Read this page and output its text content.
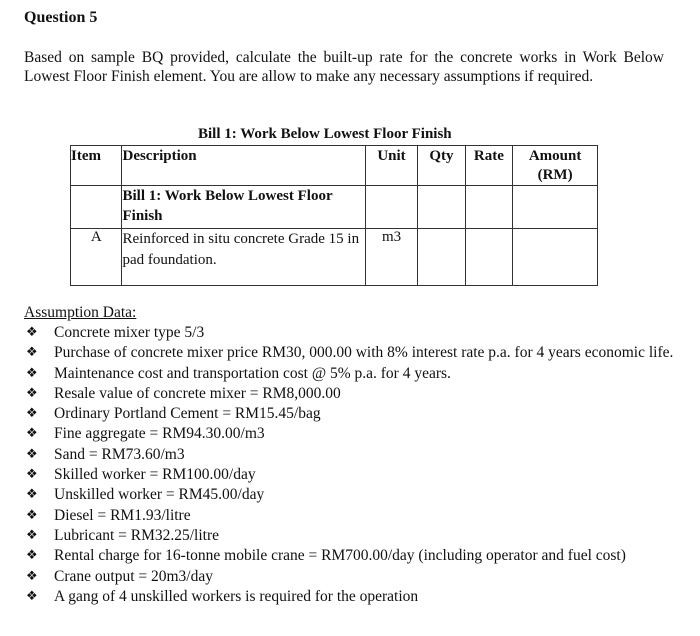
Question 5

Based on sample BQ provided, calculate the built-up rate for the concrete works in Work Below Lowest Floor Finish element. You are allow to make any necessary assumptions if required.

Bill 1: Work Below Lowest Floor Finish
Item	Description	Unit	Qty	Rate	Amount
(RM)

	Bill 1: Work Below Lowest Floor Finish				
A	Reinforced in situ concrete Grade 15 in pad foundation.	m3			

Assumption Data:

❖ Concrete mixer type 5/3
❖ Purchase of concrete mixer price RM30, 000.00 with 8% interest rate p.a. for 4 years economic life.
❖ Maintenance cost and transportation cost @ 5% p.a. for 4 years.
❖ Resale value of concrete mixer = RM8,000.00
❖ Ordinary Portland Cement = RM15.45/bag
❖ Fine aggregate = RM94.30.00/m3
❖ Sand = RM73.60/m3
❖ Skilled worker = RM100.00/day
❖ Unskilled worker = RM45.00/day
❖ Diesel = RM1.93/litre
❖ Lubricant = RM32.25/litre
❖ Rental charge for 16-tonne mobile crane = RM700.00/day (including operator and fuel cost)
❖ Crane output = 20m3/day
❖ A gang of 4 unskilled workers is required for the operation
